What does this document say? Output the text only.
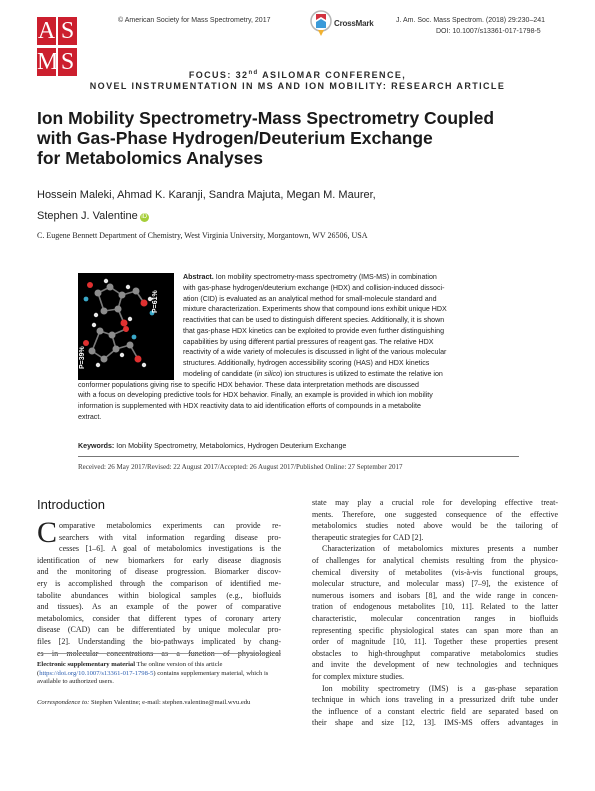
A S
M S
© American Society for Mass Spectrometry, 2017	CrossMark	J. Am. Soc. Mass Spectrom. (2018) 29:230–241
DOI: 10.1007/s13361-017-1798-5
FOCUS: 32nd ASILOMAR CONFERENCE,
NOVEL INSTRUMENTATION IN MS AND ION MOBILITY: RESEARCH ARTICLE
Ion Mobility Spectrometry-Mass Spectrometry Coupled
with Gas-Phase Hydrogen/Deuterium Exchange
for Metabolomics Analyses
Hossein Maleki, Ahmad K. Karanji, Sandra Majuta, Megan M. Maurer,
Stephen J. Valentine iD
C. Eugene Bennett Department of Chemistry, West Virginia University, Morgantown, WV 26506, USA
P=61%
P=39%
Abstract. Ion mobility spectrometry-mass spectrometry (IMS-MS) in combination
with gas-phase hydrogen/deuterium exchange (HDX) and collision-induced dissoci-
ation (CID) is evaluated as an analytical method for small-molecule standard and
mixture characterization. Experiments show that compound ions exhibit unique HDX
reactivities that can be used to distinguish different species. Additionally, it is shown
that gas-phase HDX kinetics can be exploited to provide even further distinguishing
capabilities by using different partial pressures of reagent gas. The relative HDX
reactivity of a wide variety of molecules is discussed in light of the various molecular
structures. Additionally, hydrogen accessibility scoring (HAS) and HDX kinetics
modeling of candidate (in silico) ion structures is utilized to estimate the relative ion
conformer populations giving rise to specific HDX behavior. These data interpretation methods are discussed
with a focus on developing predictive tools for HDX behavior. Finally, an example is provided in which ion mobility
information is supplemented with HDX reactivity data to aid identification efforts of compounds in a metabolite
extract.
Keywords: Ion Mobility Spectrometry, Metabolomics, Hydrogen Deuterium Exchange
Received: 26 May 2017/Revised: 22 August 2017/Accepted: 26 August 2017/Published Online: 27 September 2017
Introduction
C omparative metabolomics experiments can provide re-
searchers with vital information regarding disease pro-
cesses [1–6]. A goal of metabolomics investigations is the
identification of new biomarkers for early disease diagnosis
and the monitoring of disease progression. Biomarker discov-
ery is accomplished through the comparison of identified me-
tabolite abundances within biological samples (e.g., biofluids
and tissues). As an example of the power of comparative
metabolomics, consider that different types of coronary artery
disease (CAD) can be differentiated by unique molecular pro-
files [2]. Understanding the bio-pathways implicated by chang-
es in molecular concentrations as a function of physiological
state may play a crucial role for developing effective treat-
ments. Therefore, one suggested consequence of the effective
metabolomics studies noted above would be the tailoring of
therapeutic strategies for CAD [2].
Characterization of metabolomics mixtures presents a number
of challenges for analytical chemists resulting from the physico-
chemical diversity of metabolites (vis-à-vis functional groups,
molecular structure, and molecular mass) [7–9], the existence of
numerous isomers and isobars [8], and the wide range in concen-
tration of endogenous metabolites [10, 11]. Related to the latter
characteristic, molecular concentration ranges in biofluids
representing specific physiological states can span more than an
order of magnitude [10, 11]. Together these properties present
obstacles to high-throughput comparative metabolomics studies
and invite the development of new technologies and techniques
for complex mixture studies.
Ion mobility spectrometry (IMS) is a gas-phase separation
technique in which ions traveling in a pressurized drift tube under
the influence of a constant electric field are separated based on
their shape and size [12, 13]. IMS-MS offers advantages in
Electronic supplementary material The online version of this article (https://doi.org/10.1007/s13361-017-1798-5) contains supplementary material, which is available to authorized users.
Correspondence to: Stephen Valentine; e-mail: stephen.valentine@mail.wvu.edu
